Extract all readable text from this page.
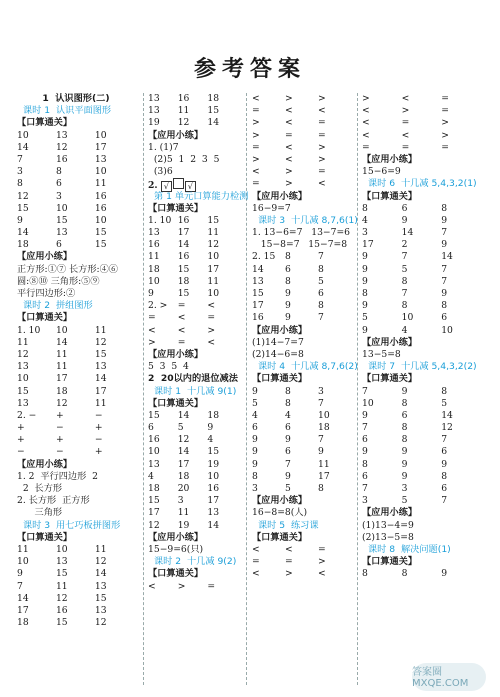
参考答案
1  认识图形(二)
课时 1  认识平面图形
【口算通关】
10	13	10
14	12	17
7	16	13
3	8	10
8	6	11
12	3	16
15	10	16
9	15	10
14	13	15
18	6	15
【应用小练】
正方形:①⑦ 长方形:④⑥
圆:⑧⑩ 三角形:⑤⑨
平行四边形:②
课时 2  拼组图形
【口算通关】
1. 10	10	11
11	14	12
12	11	15
13	11	13
10	17	14
15	18	17
13	12	11
2. −	+	−
+	−	+
+	+	−
−	−	+
【应用小练】
1. 2  平行四边形  2
2  长方形
2. 长方形  正方形
三角形
课时 3  用七巧板拼图形
【口算通关】
11	10	11
10	13	12
9	15	14
7	11	13
14	12	15
17	16	13
18	15	12
13	16	18
13	11	15
19	12	14
【应用小练】
1. (1)7
(2)5  1  2  3  5
(3)6
2. √ √
第 1 单元口算能力检测
【口算通关】
1. 10 16	15
13	17	11
16	14	12
11	16	10
18	15	17
10	18	11
9	15	10
2. >	=	<
=	<	=
<	<	>
>	=	<
【应用小练】
5  3  5  4
2  20以内的退位减法
课时 1  十几减 9(1)
【口算通关】
15	14	18
6	5	9
16	12	4
10	14	15
13	17	19
4	18	10
18	20	16
15	3	17
17	11	13
12	19	14
【应用小练】
15−9=6(只)
课时 2  十几减 9(2)
【口算通关】
<	>	=
<	>	>
=	<	<
>	<	=
>	=	=
=	<	>
>	<	>
<	>	=
=	>	<
【应用小练】
16−9=7
课时 3  十几减 8,7,6(1)
1. 13−6=7   13−7=6
15−8=7   15−7=8
2. 15	8	7
14	6	8
13	8	5
15	9	6
17	9	8
16	9	7
【应用小练】
(1)14−7=7
(2)14−6=8
课时 4  十几减 8,7,6(2)
【口算通关】
9	8	3
5	8	7
4	4	10
6	6	18
9	9	7
9	6	9
9	7	11
8	9	17
3	5	8
【应用小练】
16−8=8(人)
课时 5  练习课
【口算通关】
<	<	=
=	=	>
<	>	<
>	<	=
<	>	=
<	=	>
<	<	>
=	=	=
【应用小练】
15−6=9
课时 6  十几减 5,4,3,2(1)
【口算通关】
8	6	8
4	9	9
3	14	7
17	2	9
9	7	14
9	5	7
9	8	7
8	7	9
9	8	8
5	10	6
9	4	10
【应用小练】
13−5=8
课时 7  十几减 5,4,3,2(2)
【口算通关】
7	9	8
10	8	5
9	6	14
7	8	12
6	8	7
9	9	6
8	9	9
6	9	8
7	3	6
3	5	7
【应用小练】
(1)13−4=9
(2)13−5=8
课时 8  解决问题(1)
【口算通关】
8	8	9
答案圈 MXQE.COM
